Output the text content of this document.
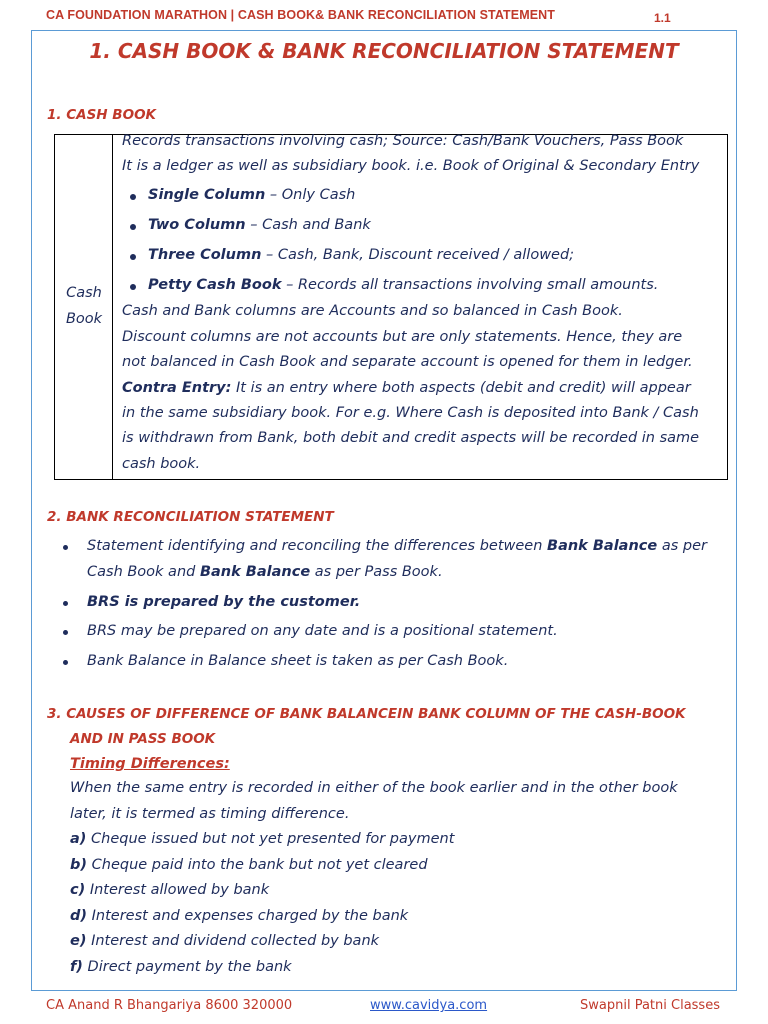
CA FOUNDATION MARATHON | CASH BOOK& BANK RECONCILIATION STATEMENT	1.1
1. CASH BOOK & BANK RECONCILIATION STATEMENT
1. CASH BOOK
Cash
Book
Records transactions involving cash; Source: Cash/Bank Vouchers, Pass Book
It is a ledger as well as subsidiary book. i.e. Book of Original & Secondary Entry
Single Column – Only Cash
Two Column – Cash and Bank
Three Column – Cash, Bank, Discount received / allowed;
Petty Cash Book – Records all transactions involving small amounts.
Cash and Bank columns are Accounts and so balanced in Cash Book.
Discount columns are not accounts but are only statements. Hence, they are
not balanced in Cash Book and separate account is opened for them in ledger.
Contra Entry: It is an entry where both aspects (debit and credit) will appear
in the same subsidiary book. For e.g. Where Cash is deposited into Bank / Cash
is withdrawn from Bank, both debit and credit aspects will be recorded in same
cash book.
2. BANK RECONCILIATION STATEMENT
Statement identifying and reconciling the differences between Bank Balance as per
Cash Book and Bank Balance as per Pass Book.
BRS is prepared by the customer.
BRS may be prepared on any date and is a positional statement.
Bank Balance in Balance sheet is taken as per Cash Book.
3. CAUSES OF DIFFERENCE OF BANK BALANCEIN BANK COLUMN OF THE CASH-BOOK
AND IN PASS BOOK
Timing Differences:
When the same entry is recorded in either of the book earlier and in the other book
later, it is termed as timing difference.
a) Cheque issued but not yet presented for payment
b) Cheque paid into the bank but not yet cleared
c) Interest allowed by bank
d) Interest and expenses charged by the bank
e) Interest and dividend collected by bank
f) Direct payment by the bank
CA Anand R Bhangariya 8600 320000	www.cavidya.com	Swapnil Patni Classes
